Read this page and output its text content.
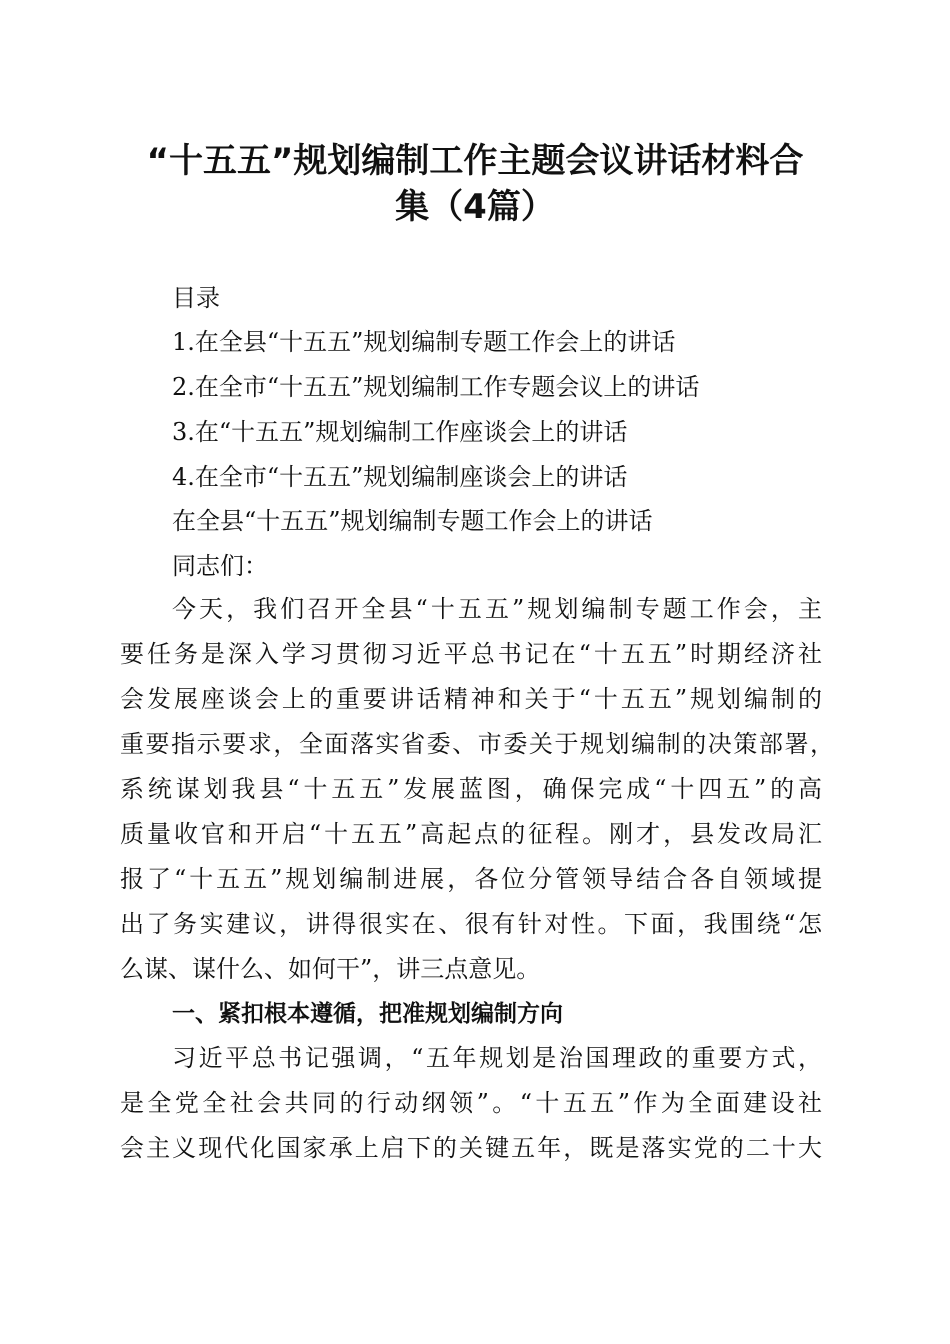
“十五五”规划编制工作主题会议讲话材料合
集（4篇）
目录
1.在全县“十五五”规划编制专题工作会上的讲话
2.在全市“十五五”规划编制工作专题会议上的讲话
3.在“十五五”规划编制工作座谈会上的讲话
4.在全市“十五五”规划编制座谈会上的讲话
在全县“十五五”规划编制专题工作会上的讲话
同志们：
今天，我们召开全县“十五五”规划编制专题工作会，主
要任务是深入学习贯彻习近平总书记在“十五五”时期经济社
会发展座谈会上的重要讲话精神和关于“十五五”规划编制的
重要指示要求，全面落实省委、市委关于规划编制的决策部署，
系统谋划我县“十五五”发展蓝图，确保完成“十四五”的高
质量收官和开启“十五五”高起点的征程。刚才，县发改局汇
报了“十五五”规划编制进展，各位分管领导结合各自领域提
出了务实建议，讲得很实在、很有针对性。下面，我围绕“怎
么谋、谋什么、如何干”，讲三点意见。
一、紧扣根本遵循，把准规划编制方向
习近平总书记强调，“五年规划是治国理政的重要方式，
是全党全社会共同的行动纲领”。“十五五”作为全面建设社
会主义现代化国家承上启下的关键五年，既是落实党的二十大
